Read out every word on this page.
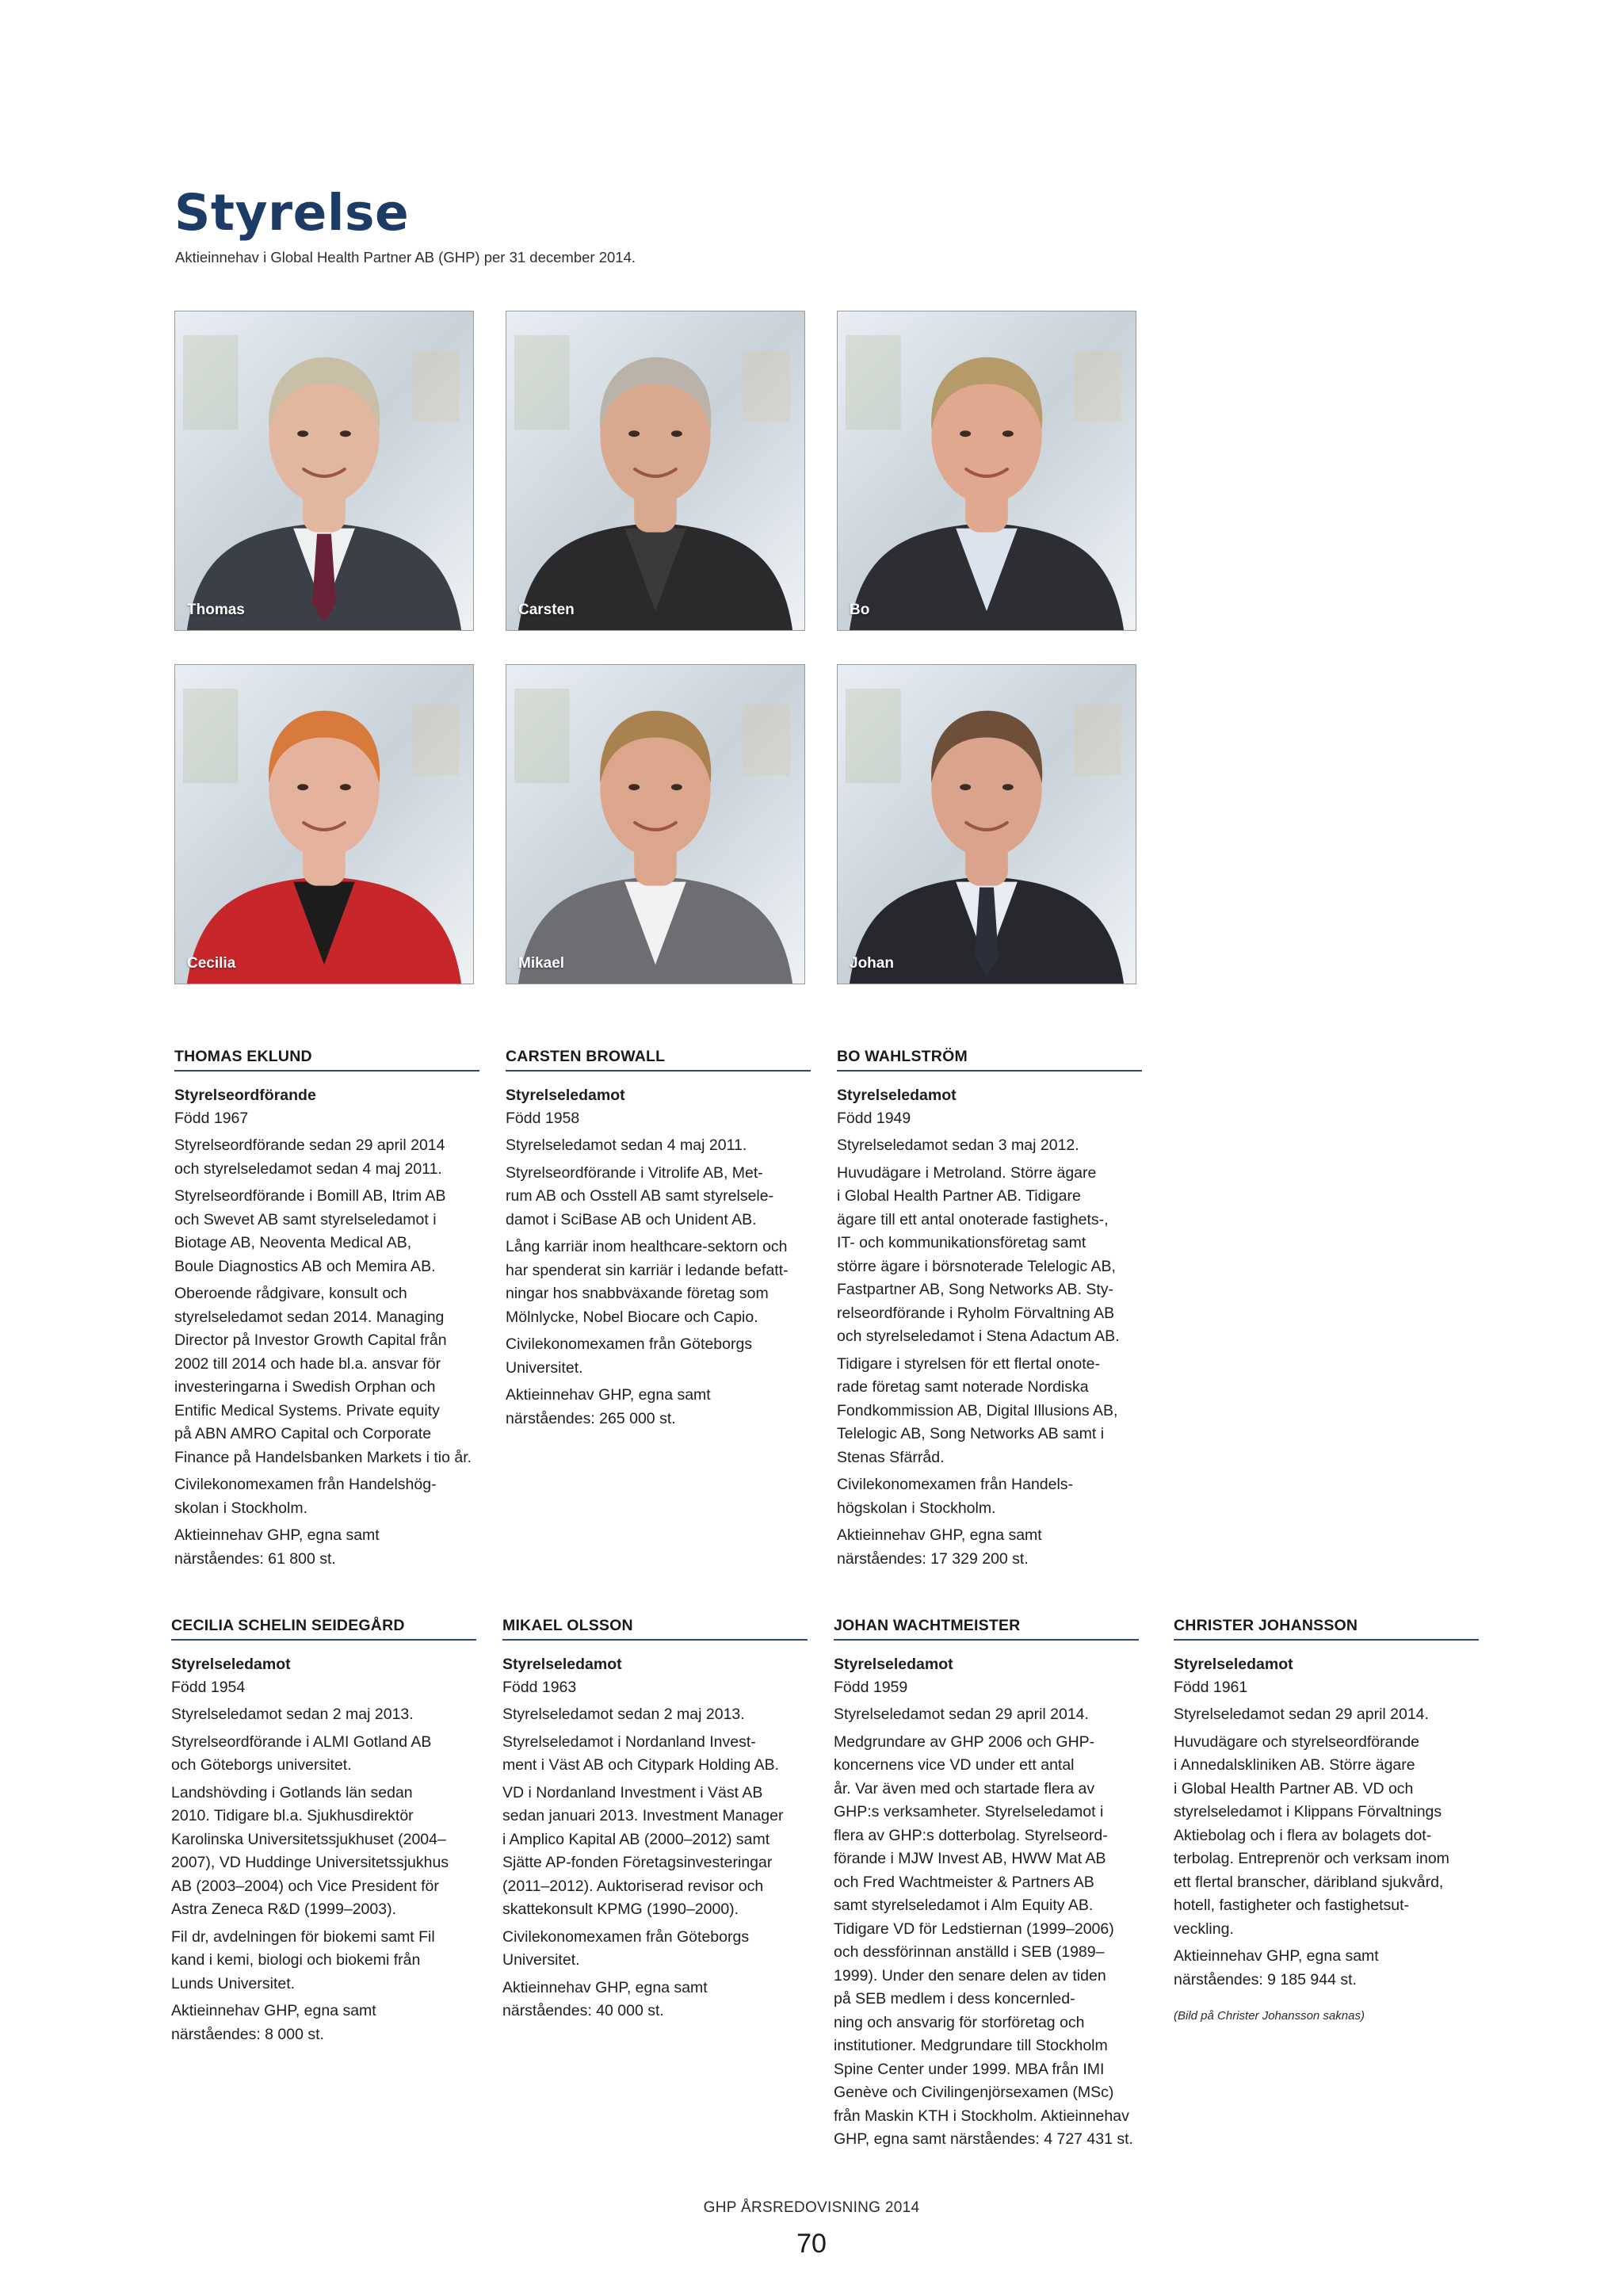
Styrelse
Aktieinnehav i Global Health Partner AB (GHP) per 31 december 2014.
Thomas	Carsten	Bo
Cecilia	Mikael	Johan
THOMAS EKLUND
Styrelseordförande
Född 1967

Styrelseordförande sedan 29 april 2014
och styrelseledamot sedan 4 maj 2011.

Styrelseordförande i Bomill AB, Itrim AB
och Swevet AB samt styrelseledamot i
Biotage AB, Neoventa Medical AB,
Boule Diagnostics AB och Memira AB.

Oberoende rådgivare, konsult och
styrelseledamot sedan 2014. Managing
Director på Investor Growth Capital från
2002 till 2014 och hade bl.a. ansvar för
investeringarna i Swedish Orphan och
Entific Medical Systems. Private equity
på ABN AMRO Capital och Corporate
Finance på Handelsbanken Markets i tio år.

Civilekonomexamen från Handelshög-
skolan i Stockholm.

Aktieinnehav GHP, egna samt
närståendes: 61 800 st.

CARSTEN BROWALL
Styrelseledamot
Född 1958

Styrelseledamot sedan 4 maj 2011.

Styrelseordförande i Vitrolife AB, Met-
rum AB och Osstell AB samt styrelsele-
damot i SciBase AB och Unident AB.

Lång karriär inom healthcare-sektorn och
har spenderat sin karriär i ledande befatt-
ningar hos snabbväxande företag som
Mölnlycke, Nobel Biocare och Capio.

Civilekonomexamen från Göteborgs
Universitet.

Aktieinnehav GHP, egna samt
närståendes: 265 000 st.

BO WAHLSTRÖM
Styrelseledamot
Född 1949

Styrelseledamot sedan 3 maj 2012.

Huvudägare i Metroland. Större ägare
i Global Health Partner AB. Tidigare
ägare till ett antal onoterade fastighets-,
IT- och kommunikationsföretag samt
större ägare i börsnoterade Telelogic AB,
Fastpartner AB, Song Networks AB. Sty-
relseordförande i Ryholm Förvaltning AB
och styrelseledamot i Stena Adactum AB.

Tidigare i styrelsen för ett flertal onote-
rade företag samt noterade Nordiska
Fondkommission AB, Digital Illusions AB,
Telelogic AB, Song Networks AB samt i
Stenas Sfärråd.

Civilekonomexamen från Handels-
högskolan i Stockholm.

Aktieinnehav GHP, egna samt
närståendes: 17 329 200 st.

CECILIA SCHELIN SEIDEGÅRD
Styrelseledamot
Född 1954

Styrelseledamot sedan 2 maj 2013.

Styrelseordförande i ALMI Gotland AB
och Göteborgs universitet.

Landshövding i Gotlands län sedan
2010. Tidigare bl.a. Sjukhusdirektör
Karolinska Universitetssjukhuset (2004–
2007), VD Huddinge Universitetssjukhus
AB (2003–2004) och Vice President för
Astra Zeneca R&D (1999–2003).

Fil dr, avdelningen för biokemi samt Fil
kand i kemi, biologi och biokemi från
Lunds Universitet.

Aktieinnehav GHP, egna samt
närståendes: 8 000 st.

MIKAEL OLSSON
Styrelseledamot
Född 1963

Styrelseledamot sedan 2 maj 2013.

Styrelseledamot i Nordanland Invest-
ment i Väst AB och Citypark Holding AB.

VD i Nordanland Investment i Väst AB
sedan januari 2013. Investment Manager
i Amplico Kapital AB (2000–2012) samt
Sjätte AP-fonden Företagsinvesteringar
(2011–2012). Auktoriserad revisor och
skattekonsult KPMG (1990–2000).

Civilekonomexamen från Göteborgs
Universitet.

Aktieinnehav GHP, egna samt
närståendes: 40 000 st.

JOHAN WACHTMEISTER
Styrelseledamot
Född 1959

Styrelseledamot sedan 29 april 2014.

Medgrundare av GHP 2006 och GHP-
koncernens vice VD under ett antal
år. Var även med och startade flera av
GHP:s verksamheter. Styrelseledamot i
flera av GHP:s dotterbolag. Styrelseord-
förande i MJW Invest AB, HWW Mat AB
och Fred Wachtmeister & Partners AB
samt styrelseledamot i Alm Equity AB.
Tidigare VD för Ledstiernan (1999–2006)
och dessförinnan anställd i SEB (1989–
1999). Under den senare delen av tiden
på SEB medlem i dess koncernled-
ning och ansvarig för storföretag och
institutioner. Medgrundare till Stockholm
Spine Center under 1999. MBA från IMI
Genève och Civilingenjörsexamen (MSc)
från Maskin KTH i Stockholm. Aktieinnehav
GHP, egna samt närståendes: 4 727 431 st.

CHRISTER JOHANSSON
Styrelseledamot
Född 1961

Styrelseledamot sedan 29 april 2014.

Huvudägare och styrelseordförande
i Annedalskliniken AB. Större ägare
i Global Health Partner AB. VD och
styrelseledamot i Klippans Förvaltnings
Aktiebolag och i flera av bolagets dot-
terbolag. Entreprenör och verksam inom
ett flertal branscher, däribland sjukvård,
hotell, fastigheter och fastighetsut-
veckling.

Aktieinnehav GHP, egna samt
närståendes: 9 185 944 st.

(Bild på Christer Johansson saknas)
GHP ÅRSREDOVISNING 2014
70
